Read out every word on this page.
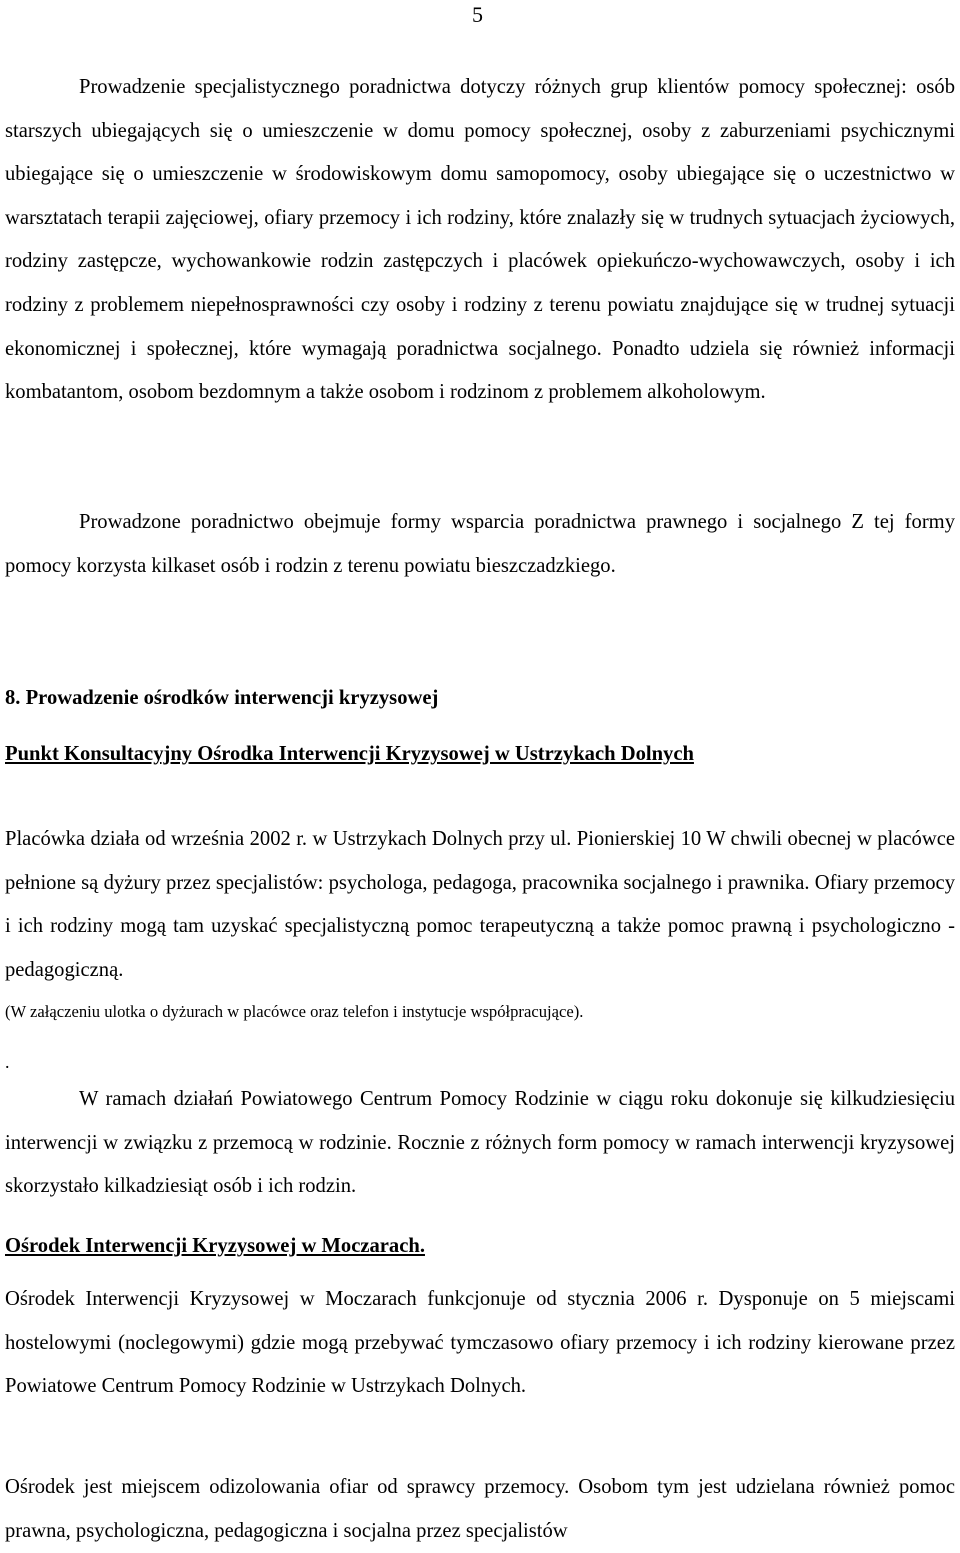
5

Prowadzenie specjalistycznego poradnictwa dotyczy różnych grup klientów pomocy społecznej: osób starszych ubiegających się o umieszczenie w domu pomocy społecznej, osoby z zaburzeniami psychicznymi ubiegające się o umieszczenie w środowiskowym domu samopomocy, osoby ubiegające się o uczestnictwo w warsztatach terapii zajęciowej, ofiary przemocy i ich rodziny, które znalazły się w trudnych sytuacjach życiowych, rodziny zastępcze, wychowankowie rodzin zastępczych i placówek opiekuńczo-wychowawczych, osoby i ich rodziny z problemem niepełnosprawności czy osoby i rodziny z terenu powiatu znajdujące się w trudnej sytuacji ekonomicznej i społecznej, które wymagają poradnictwa socjalnego. Ponadto udziela się również informacji kombatantom, osobom bezdomnym a także osobom i rodzinom z problemem alkoholowym.

Prowadzone poradnictwo obejmuje formy wsparcia poradnictwa prawnego i socjalnego Z tej formy pomocy korzysta kilkaset osób i rodzin z terenu powiatu bieszczadzkiego.

8. Prowadzenie ośrodków interwencji kryzysowej

Punkt Konsultacyjny Ośrodka Interwencji Kryzysowej w Ustrzykach Dolnych

Placówka działa od września 2002 r. w Ustrzykach Dolnych przy ul. Pionierskiej 10 W chwili obecnej w placówce pełnione są dyżury przez specjalistów: psychologa, pedagoga, pracownika socjalnego i prawnika. Ofiary przemocy i ich rodziny mogą tam uzyskać specjalistyczną pomoc terapeutyczną a także pomoc prawną i psychologiczno - pedagogiczną.

(W załączeniu ulotka o dyżurach w placówce oraz telefon i instytucje współpracujące).

.

W ramach działań Powiatowego Centrum Pomocy Rodzinie w ciągu roku dokonuje się kilkudziesięciu interwencji w związku z przemocą w rodzinie. Rocznie z różnych form pomocy w ramach interwencji kryzysowej skorzystało kilkadziesiąt osób i ich rodzin.

Ośrodek Interwencji Kryzysowej w Moczarach.

Ośrodek Interwencji Kryzysowej w Moczarach funkcjonuje od stycznia 2006 r. Dysponuje on 5 miejscami hostelowymi (noclegowymi) gdzie mogą przebywać tymczasowo ofiary przemocy i ich rodziny kierowane przez Powiatowe Centrum Pomocy Rodzinie w Ustrzykach Dolnych.

Ośrodek jest miejscem odizolowania ofiar od sprawcy przemocy. Osobom tym jest udzielana również pomoc prawna, psychologiczna, pedagogiczna i socjalna przez specjalistów
